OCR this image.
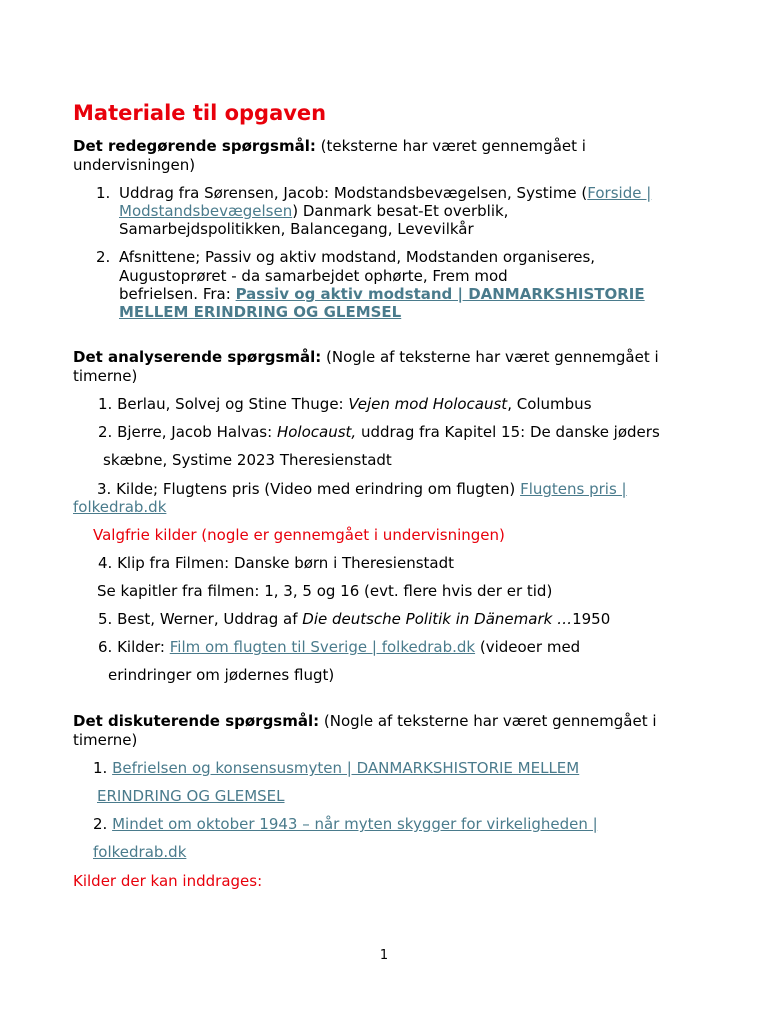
Materiale til opgaven
Det redegørende spørgsmål: (teksterne har været gennemgået i
undervisningen)
1. Uddrag fra Sørensen, Jacob: Modstandsbevægelsen, Systime (Forside |
Modstandsbevægelsen) Danmark besat-Et overblik,
Samarbejdspolitikken, Balancegang, Levevilkår
2. Afsnittene; Passiv og aktiv modstand, Modstanden organiseres,
Augustoprøret - da samarbejdet ophørte, Frem mod
befrielsen. Fra: Passiv og aktiv modstand | DANMARKSHISTORIE
MELLEM ERINDRING OG GLEMSEL
Det analyserende spørgsmål: (Nogle af teksterne har været gennemgået i
timerne)
1. Berlau, Solvej og Stine Thuge: Vejen mod Holocaust, Columbus
2. Bjerre, Jacob Halvas: Holocaust, uddrag fra Kapitel 15: De danske jøders
skæbne, Systime 2023 Theresienstadt
3. Kilde; Flugtens pris (Video med erindring om flugten) Flugtens pris |
folkedrab.dk
Valgfrie kilder (nogle er gennemgået i undervisningen)
4. Klip fra Filmen: Danske børn i Theresienstadt
Se kapitler fra filmen: 1, 3, 5 og 16 (evt. flere hvis der er tid)
5. Best, Werner, Uddrag af Die deutsche Politik in Dänemark …1950
6. Kilder: Film om flugten til Sverige | folkedrab.dk (videoer med
erindringer om jødernes flugt)
Det diskuterende spørgsmål: (Nogle af teksterne har været gennemgået i
timerne)
1. Befrielsen og konsensusmyten | DANMARKSHISTORIE MELLEM
ERINDRING OG GLEMSEL
2. Mindet om oktober 1943 – når myten skygger for virkeligheden |
folkedrab.dk
Kilder der kan inddrages:
1
